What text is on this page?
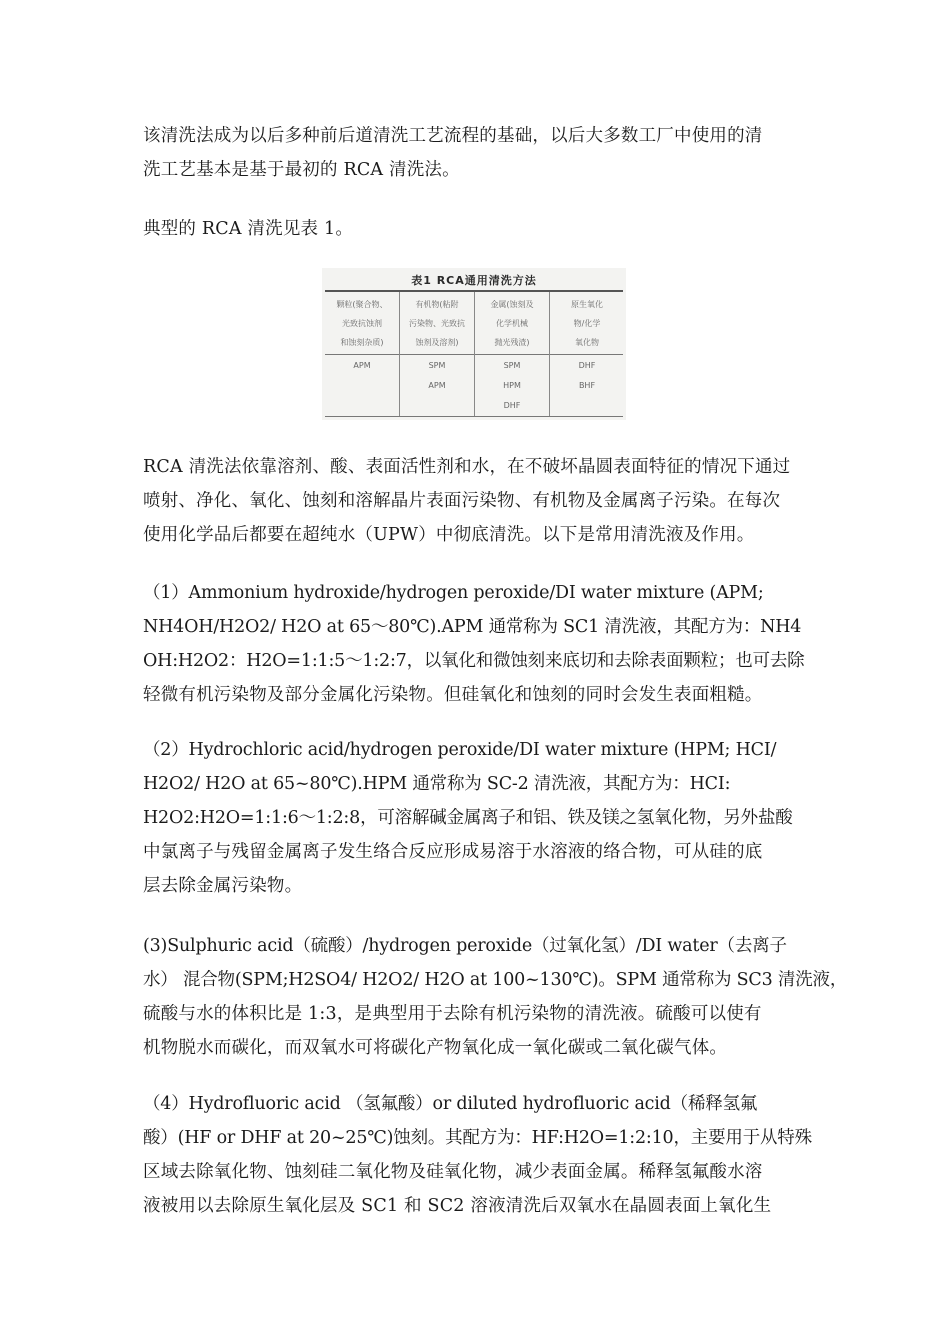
该清洗法成为以后多种前后道清洗工艺流程的基础，以后大多数工厂中使用的清
洗工艺基本是基于最初的 RCA 清洗法。
典型的 RCA 清洗见表 1。
表1 RCA通用清洗方法
颗粒(聚合物、
光致抗蚀剂
和蚀刻杂质)
有机物(粘附
污染物、光致抗
蚀剂及溶剂)
金属(蚀刻及
化学机械
抛光残渣)
原生氧化
物/化学
氧化物
APM	SPM
APM
SPM
HPM
DHF
DHF
BHF
RCA 清洗法依靠溶剂、酸、表面活性剂和水，在不破坏晶圆表面特征的情况下通过
喷射、净化、氧化、蚀刻和溶解晶片表面污染物、有机物及金属离子污染。在每次
使用化学品后都要在超纯水（UPW）中彻底清洗。以下是常用清洗液及作用。
（1）Ammonium hydroxide/hydrogen peroxide/DI water mixture (APM;
NH4OH/H2O2/ H2O at 65～80℃).APM 通常称为 SC1 清洗液，其配方为：NH4
OH:H2O2：H2O=1:1:5～1:2:7，以氧化和微蚀刻来底切和去除表面颗粒；也可去除
轻微有机污染物及部分金属化污染物。但硅氧化和蚀刻的同时会发生表面粗糙。
（2）Hydrochloric acid/hydrogen peroxide/DI water mixture (HPM; HCI/
H2O2/ H2O at 65~80℃).HPM 通常称为 SC-2 清洗液，其配方为：HCI:
H2O2:H2O=1:1:6～1:2:8，可溶解碱金属离子和铝、铁及镁之氢氧化物，另外盐酸
中氯离子与残留金属离子发生络合反应形成易溶于水溶液的络合物，可从硅的底
层去除金属污染物。
(3)Sulphuric acid（硫酸）/hydrogen peroxide（过氧化氢）/DI water（去离子
水） 混合物(SPM;H2SO4/ H2O2/ H2O at 100~130℃)。SPM 通常称为 SC3 清洗液，
硫酸与水的体积比是 1:3，是典型用于去除有机污染物的清洗液。硫酸可以使有
机物脱水而碳化，而双氧水可将碳化产物氧化成一氧化碳或二氧化碳气体。
（4）Hydrofluoric acid （氢氟酸）or diluted hydrofluoric acid（稀释氢氟
酸）(HF or DHF at 20~25℃)蚀刻。其配方为：HF:H2O=1:2:10，主要用于从特殊
区域去除氧化物、蚀刻硅二氧化物及硅氧化物，减少表面金属。稀释氢氟酸水溶
液被用以去除原生氧化层及 SC1 和 SC2 溶液清洗后双氧水在晶圆表面上氧化生
